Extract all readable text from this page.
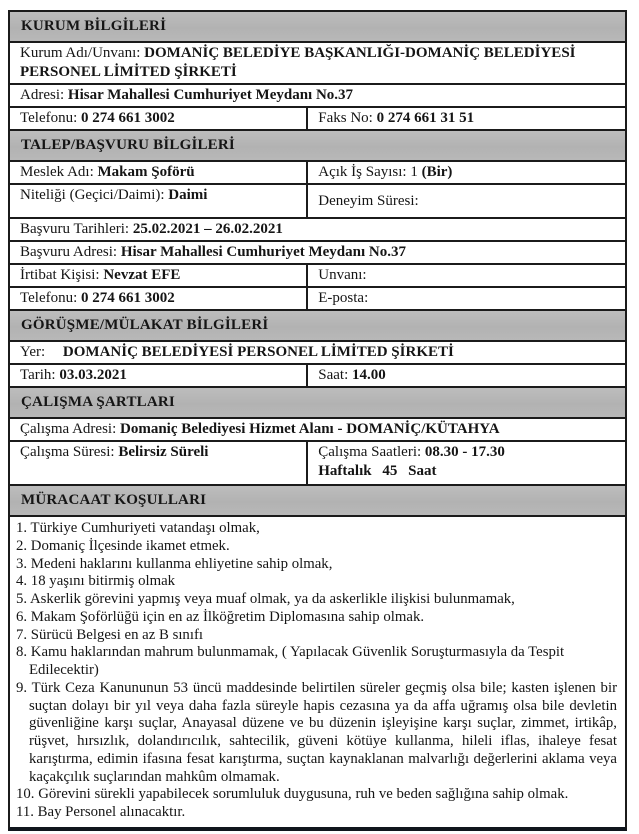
KURUM BİLGİLERİ
Kurum Adı/Unvanı: DOMANİÇ BELEDİYE BAŞKANLIĞI-DOMANİÇ BELEDİYESİ PERSONEL LİMİTED ŞİRKETİ
Adresi: Hisar Mahallesi Cumhuriyet Meydanı No.37
Telefonu: 0 274 661 3002	Faks No: 0 274 661 31 51
TALEP/BAŞVURU BİLGİLERİ
Meslek Adı: Makam Şoförü	Açık İş Sayısı: 1 (Bir)
Niteliği (Geçici/Daimi): Daimi	Deneyim Süresi:
Başvuru Tarihleri: 25.02.2021 – 26.02.2021
Başvuru Adresi: Hisar Mahallesi Cumhuriyet Meydanı No.37
İrtibat Kişisi: Nevzat EFE	Unvanı:
Telefonu: 0 274 661 3002	E-posta:
GÖRÜŞME/MÜLAKAT BİLGİLERİ
Yer: DOMANİÇ BELEDİYESİ PERSONEL LİMİTED ŞİRKETİ
Tarih: 03.03.2021	Saat: 14.00
ÇALIŞMA ŞARTLARI
Çalışma Adresi: Domaniç Belediyesi Hizmet Alanı - DOMANİÇ/KÜTAHYA
Çalışma Süresi: Belirsiz Süreli	Çalışma Saatleri: 08.30 - 17.30
Haftalık 45 Saat
MÜRACAAT KOŞULLARI
1. Türkiye Cumhuriyeti vatandaşı olmak,
2. Domaniç İlçesinde ikamet etmek.
3. Medeni haklarını kullanma ehliyetine sahip olmak,
4. 18 yaşını bitirmiş olmak
5. Askerlik görevini yapmış veya muaf olmak, ya da askerlikle ilişkisi bulunmamak,
6. Makam Şoförlüğü için en az İlköğretim Diplomasına sahip olmak.
7. Sürücü Belgesi en az B sınıfı
8. Kamu haklarından mahrum bulunmamak, ( Yapılacak Güvenlik Soruşturmasıyla da Tespit Edilecektir)
9. Türk Ceza Kanununun 53 üncü maddesinde belirtilen süreler geçmiş olsa bile; kasten işlenen bir suçtan dolayı bir yıl veya daha fazla süreyle hapis cezasına ya da affa uğramış olsa bile devletin güvenliğine karşı suçlar, Anayasal düzene ve bu düzenin işleyişine karşı suçlar, zimmet, irtikâp, rüşvet, hırsızlık, dolandırıcılık, sahtecilik, güveni kötüye kullanma, hileli iflas, ihaleye fesat karıştırma, edimin ifasına fesat karıştırma, suçtan kaynaklanan malvarlığı değerlerini aklama veya kaçakçılık suçlarından mahkûm olmamak.
10. Görevini sürekli yapabilecek sorumluluk duygusuna, ruh ve beden sağlığına sahip olmak.
11. Bay Personel alınacaktır.
